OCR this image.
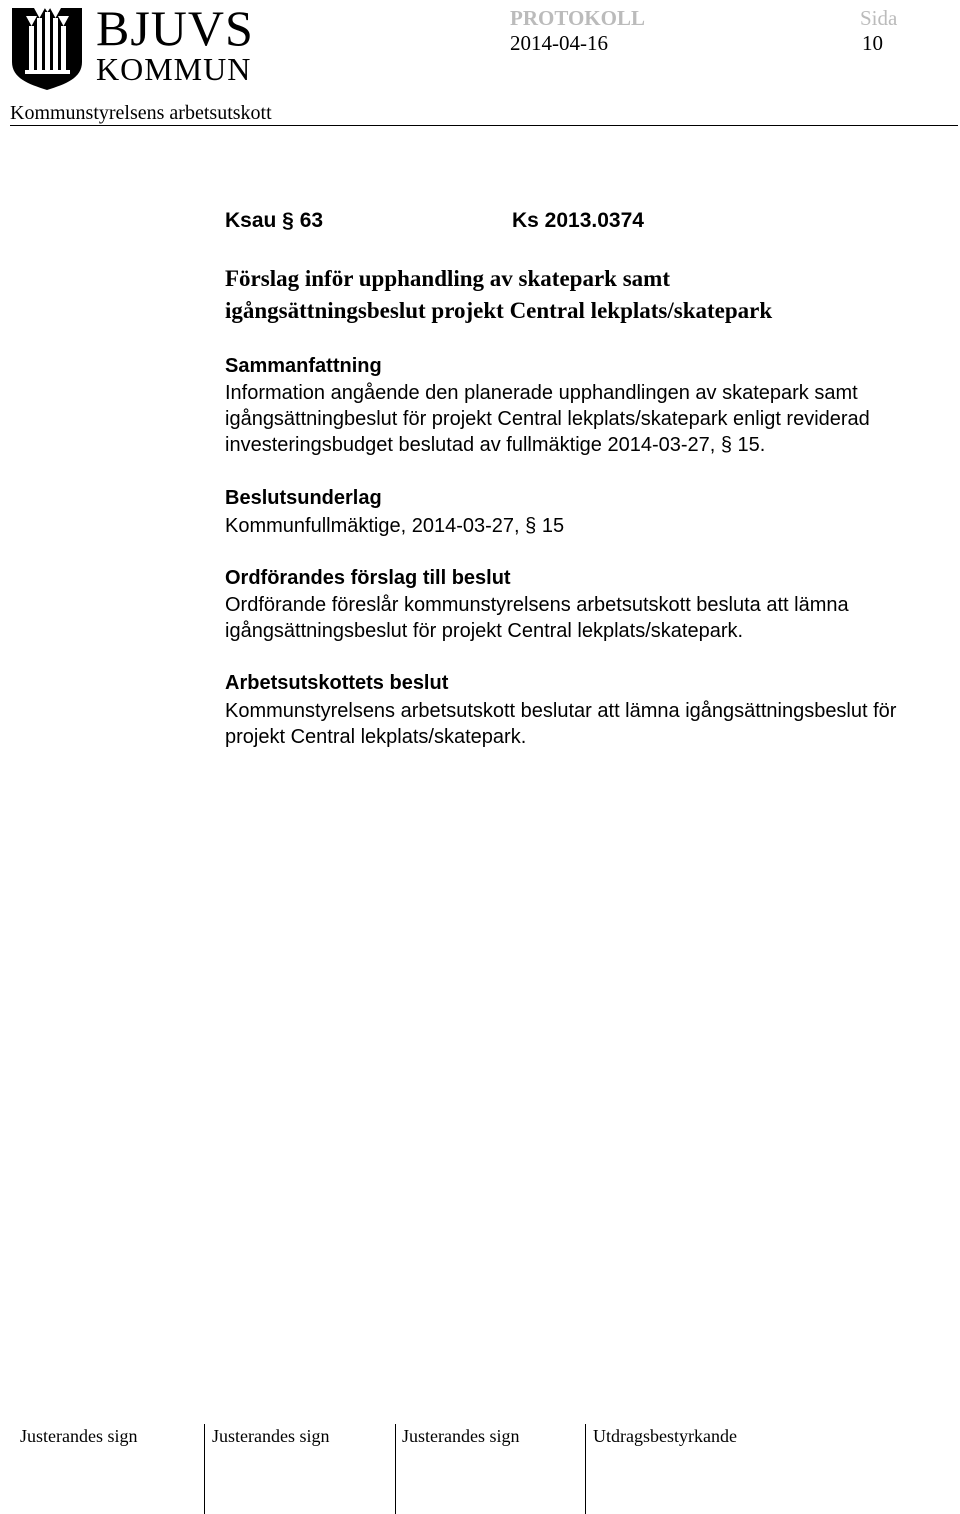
BJUVS
KOMMUN
PROTOKOLL	Sida
2014-04-16	10
Kommunstyrelsens arbetsutskott
Ksau § 63	Ks 2013.0374
Förslag inför upphandling av skatepark samt
igångsättningsbeslut projekt Central lekplats/skatepark
Sammanfattning
Information angående den planerade upphandlingen av skatepark samt
igångsättningbeslut för projekt Central lekplats/skatepark enligt reviderad
investeringsbudget beslutad av fullmäktige 2014-03-27, § 15.
Beslutsunderlag
Kommunfullmäktige, 2014-03-27, § 15
Ordförandes förslag till beslut
Ordförande föreslår kommunstyrelsens arbetsutskott besluta att lämna
igångsättningsbeslut för projekt Central lekplats/skatepark.
Arbetsutskottets beslut
Kommunstyrelsens arbetsutskott beslutar att lämna igångsättningsbeslut för
projekt Central lekplats/skatepark.
Justerandes sign	Justerandes sign	Justerandes sign	Utdragsbestyrkande
